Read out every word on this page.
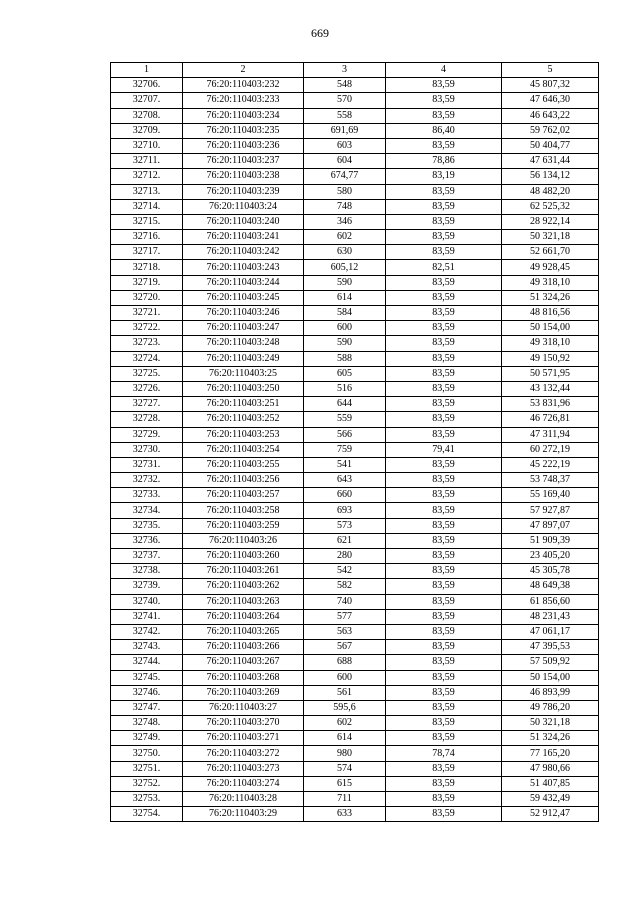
669
1	2	3	4	5
32706.	76:20:110403:232	548	83,59	45 807,32
32707.	76:20:110403:233	570	83,59	47 646,30
32708.	76:20:110403:234	558	83,59	46 643,22
32709.	76:20:110403:235	691,69	86,40	59 762,02
32710.	76:20:110403:236	603	83,59	50 404,77
32711.	76:20:110403:237	604	78,86	47 631,44
32712.	76:20:110403:238	674,77	83,19	56 134,12
32713.	76:20:110403:239	580	83,59	48 482,20
32714.	76:20:110403:24	748	83,59	62 525,32
32715.	76:20:110403:240	346	83,59	28 922,14
32716.	76:20:110403:241	602	83,59	50 321,18
32717.	76:20:110403:242	630	83,59	52 661,70
32718.	76:20:110403:243	605,12	82,51	49 928,45
32719.	76:20:110403:244	590	83,59	49 318,10
32720.	76:20:110403:245	614	83,59	51 324,26
32721.	76:20:110403:246	584	83,59	48 816,56
32722.	76:20:110403:247	600	83,59	50 154,00
32723.	76:20:110403:248	590	83,59	49 318,10
32724.	76:20:110403:249	588	83,59	49 150,92
32725.	76:20:110403:25	605	83,59	50 571,95
32726.	76:20:110403:250	516	83,59	43 132,44
32727.	76:20:110403:251	644	83,59	53 831,96
32728.	76:20:110403:252	559	83,59	46 726,81
32729.	76:20:110403:253	566	83,59	47 311,94
32730.	76:20:110403:254	759	79,41	60 272,19
32731.	76:20:110403:255	541	83,59	45 222,19
32732.	76:20:110403:256	643	83,59	53 748,37
32733.	76:20:110403:257	660	83,59	55 169,40
32734.	76:20:110403:258	693	83,59	57 927,87
32735.	76:20:110403:259	573	83,59	47 897,07
32736.	76:20:110403:26	621	83,59	51 909,39
32737.	76:20:110403:260	280	83,59	23 405,20
32738.	76:20:110403:261	542	83,59	45 305,78
32739.	76:20:110403:262	582	83,59	48 649,38
32740.	76:20:110403:263	740	83,59	61 856,60
32741.	76:20:110403:264	577	83,59	48 231,43
32742.	76:20:110403:265	563	83,59	47 061,17
32743.	76:20:110403:266	567	83,59	47 395,53
32744.	76:20:110403:267	688	83,59	57 509,92
32745.	76:20:110403:268	600	83,59	50 154,00
32746.	76:20:110403:269	561	83,59	46 893,99
32747.	76:20:110403:27	595,6	83,59	49 786,20
32748.	76:20:110403:270	602	83,59	50 321,18
32749.	76:20:110403:271	614	83,59	51 324,26
32750.	76:20:110403:272	980	78,74	77 165,20
32751.	76:20:110403:273	574	83,59	47 980,66
32752.	76:20:110403:274	615	83,59	51 407,85
32753.	76:20:110403:28	711	83,59	59 432,49
32754.	76:20:110403:29	633	83,59	52 912,47
